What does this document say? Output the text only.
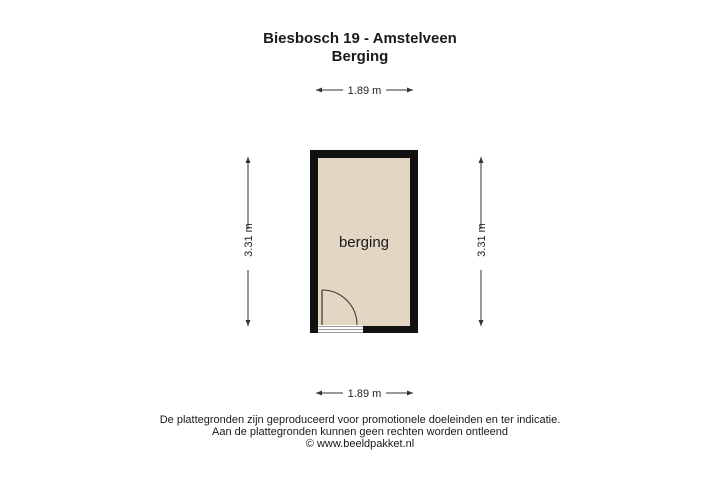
Biesbosch 19 - Amstelveen
Berging
1.89 m
3.31 m	3.31 m
berging
1.89 m
De plattegronden zijn geproduceerd voor promotionele doeleinden en ter indicatie.
Aan de plattegronden kunnen geen rechten worden ontleend
© www.beeldpakket.nl
